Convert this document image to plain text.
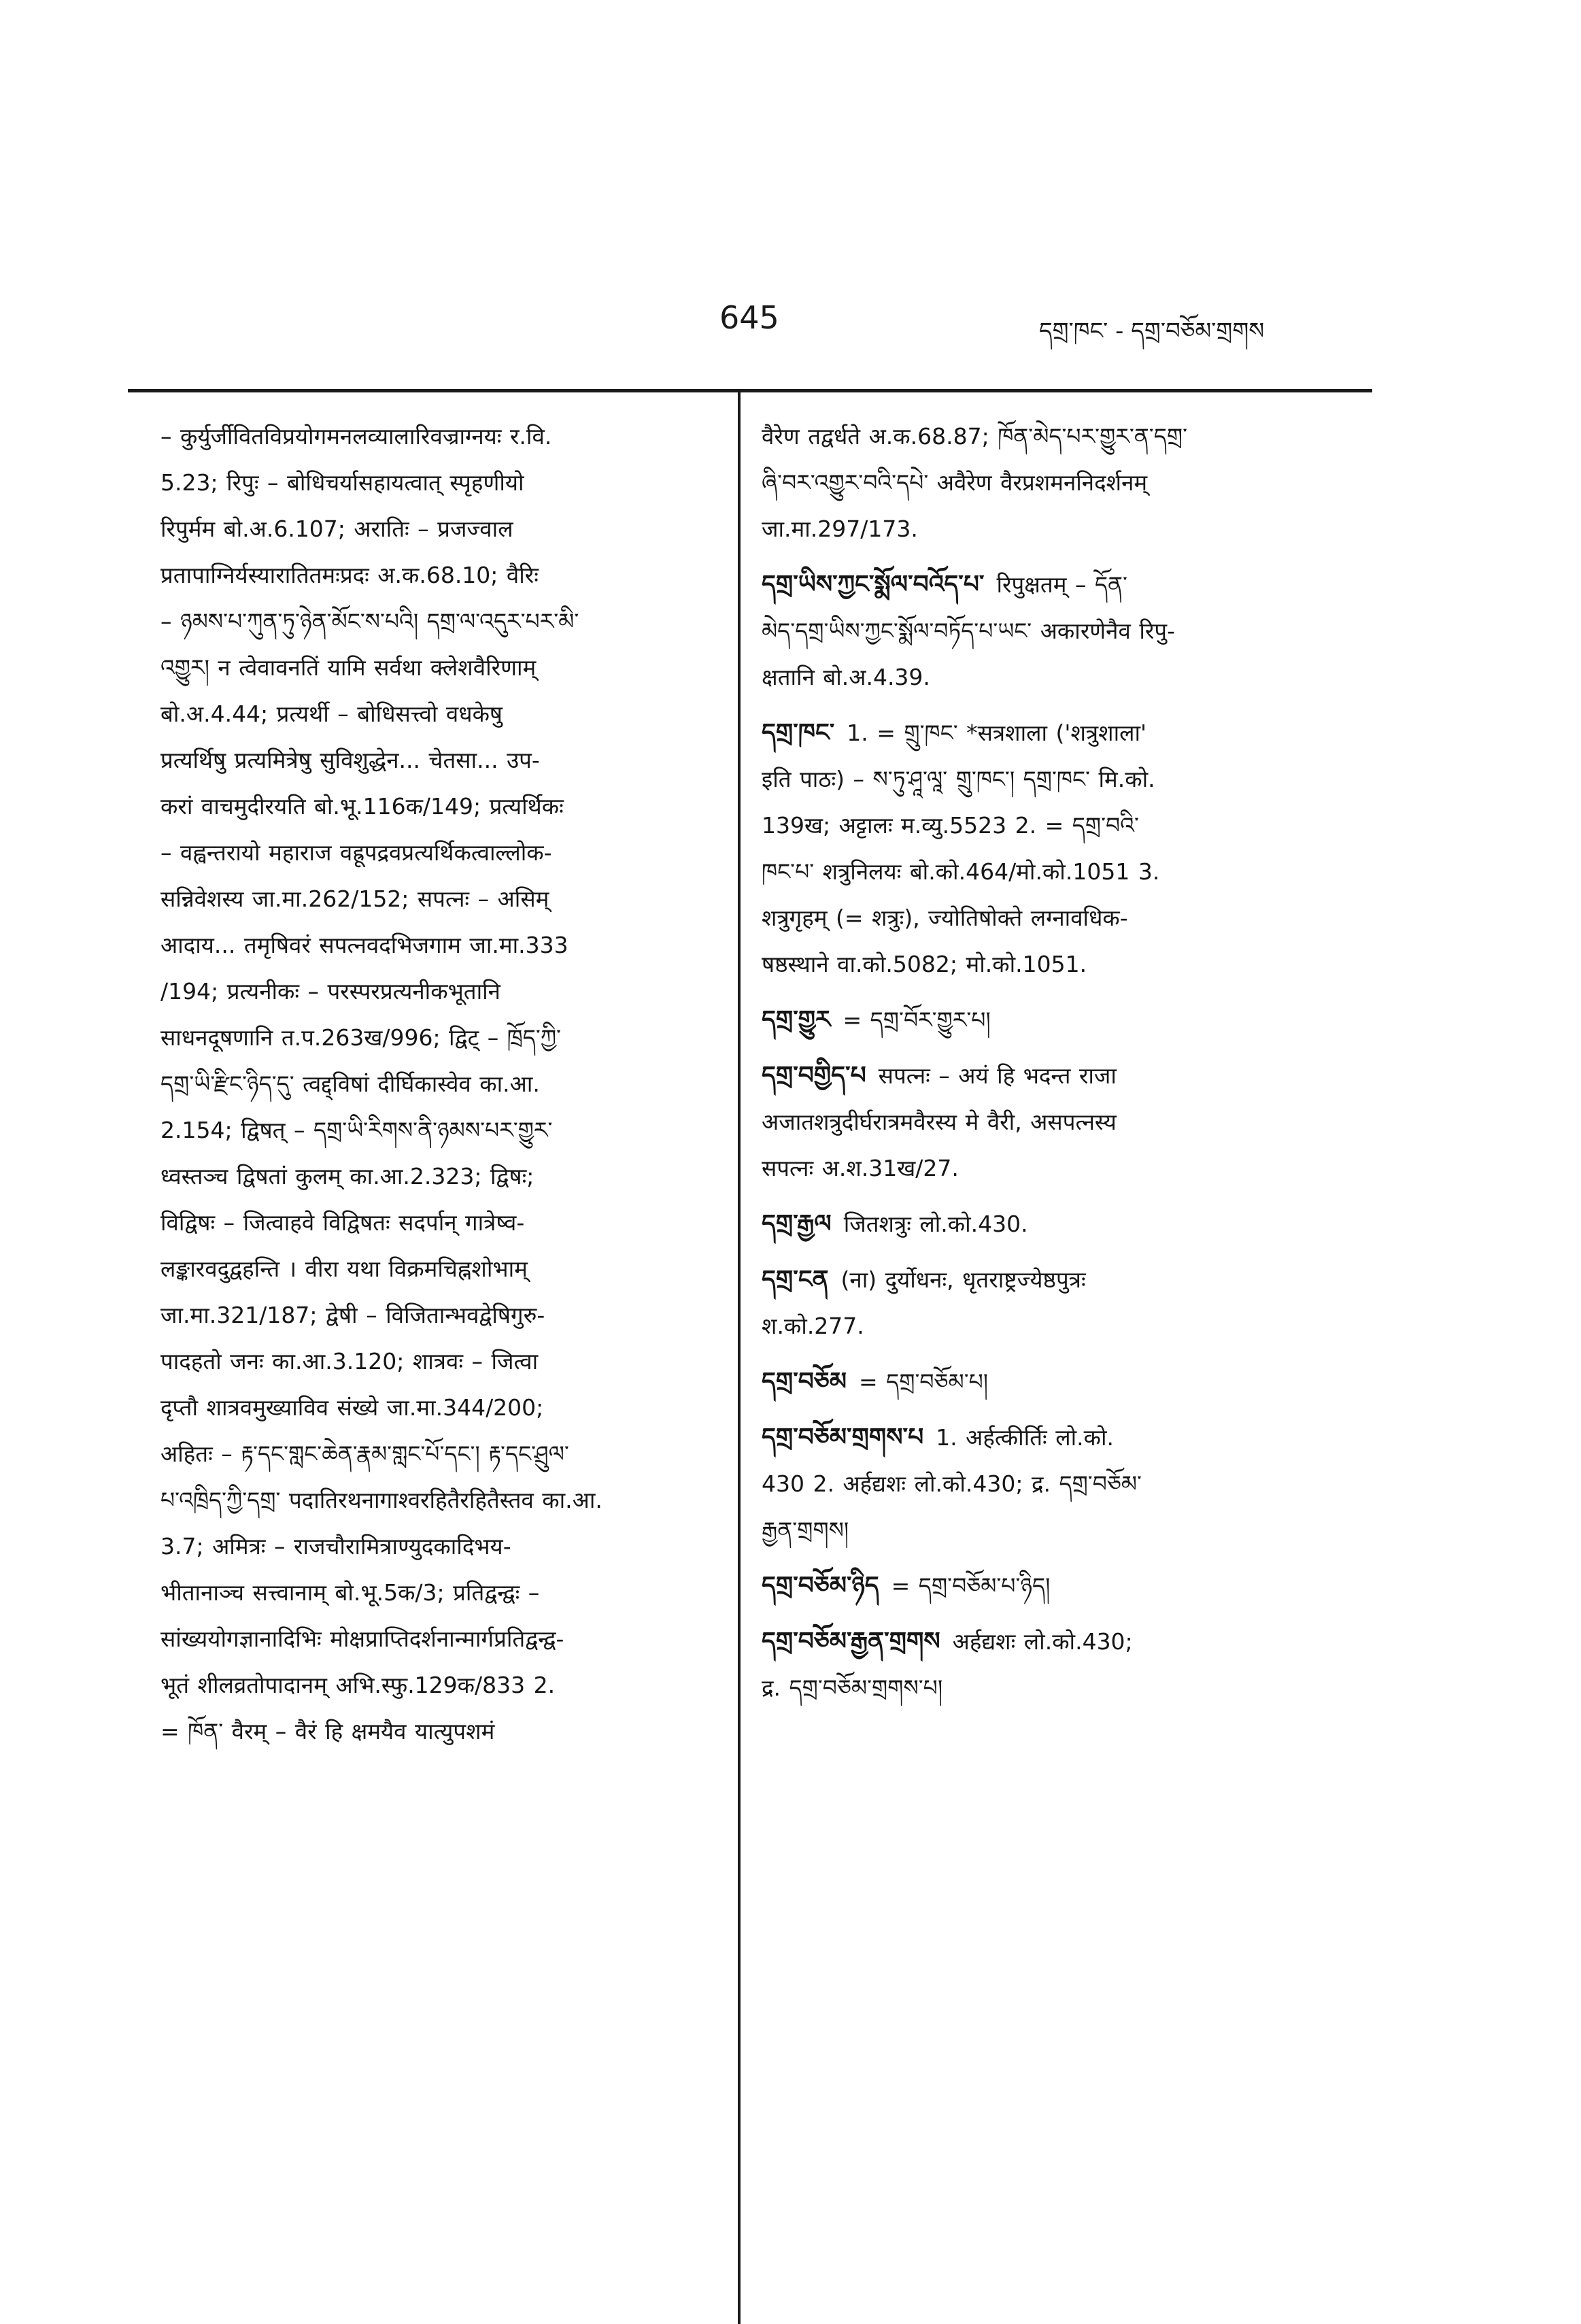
645	དགྲ་ཁང་ - དགྲ་བཅོམ་གྲགས
– कुर्युर्जीवितविप्रयोगमनलव्यालारिवज्राग्नयः र.वि.
5.23; रिपुः – बोधिचर्यासहायत्वात् स्पृहणीयो
रिपुर्मम बो.अ.6.107; अरातिः – प्रजज्वाल
प्रतापाग्निर्यस्यारातितमःप्रदः अ.क.68.10; वैरिः
– ཉམས་པ་ཀུན་ཏུ་ཉེན་མོང་ས་པའི། དགྲ་ལ་འདུར་པར་མི་
འགྱུར། न त्वेवावनतिं यामि सर्वथा क्लेशवैरिणाम्
बो.अ.4.44; प्रत्यर्थी – बोधिसत्त्वो वधकेषु
प्रत्यर्थिषु प्रत्यमित्रेषु सुविशुद्धेन... चेतसा... उप-
करां वाचमुदीरयति बो.भू.116क/149; प्रत्यर्थिकः
– वह्वन्तरायो महाराज वह्रूपद्रवप्रत्यर्थिकत्वाल्लोक-
सन्निवेशस्य जा.मा.262/152; सपत्नः – असिम्
आदाय... तमृषिवरं सपत्नवदभिजगाम जा.मा.333
/194; प्रत्यनीकः – परस्परप्रत्यनीकभूतानि
साधनदूषणानि त.प.263ख/996; द्विट् – ཁྲོད་ཀྱི་
དགྲ་ཡི་རྫིང་ཉིད་དུ་ त्वद्द्विषां दीर्घिकास्वेव का.आ.
2.154; द्विषत् – དགྲ་ཡི་རིགས་ནི་ཉམས་པར་གྱུར་
ध्वस्तञ्च द्विषतां कुलम् का.आ.2.323; द्विषः;
विद्विषः – जित्वाहवे विद्विषतः सदर्पान् गात्रेष्व-
लङ्कारवदुद्वहन्ति । वीरा यथा विक्रमचिह्नशोभाम्
जा.मा.321/187; द्वेषी – विजितान्भवद्वेषिगुरु-
पादहतो जनः का.आ.3.120; शात्रवः – जित्वा
दृप्तौ शात्रवमुख्याविव संख्ये जा.मा.344/200;
अहितः – རྟ་དང་གླང་ཆེན་རྣམ་གླང་པོ་དང་། རྟ་དང་ཤྲུལ་
པ་འཁྲིད་ཀྱི་དགྲ་ पदातिरथनागाश्वरहितैरहितैस्तव का.आ.
3.7; अमित्रः – राजचौरामित्राण्युदकादिभय-
भीतानाञ्च सत्त्वानाम् बो.भू.5क/3; प्रतिद्वन्द्वः –
सांख्ययोगज्ञानादिभिः मोक्षप्राप्तिदर्शनान्मार्गप्रतिद्वन्द्व-
भूतं शीलव्रतोपादानम् अभि.स्फु.129क/833 2.
= ཁོན་ वैरम् – वैरं हि क्षमयैव यात्युपशमं
वैरेण तद्वर्धते अ.क.68.87; ཁོན་མེད་པར་གྱུར་ན་དགྲ་
ཞི་བར་འགྱུར་བའི་དཔེ་ अवैरेण वैरप्रशमननिदर्शनम्
जा.मा.297/173.
དགྲ་ཡིས་ཀྱང་སྨོལ་བའོད་པ་ रिपुक्षतम् – དོན་
མེད་དགྲ་ཡིས་ཀྱང་སྨོལ་བཏོད་པ་ཡང་ अकारणेनैव रिपु-
क्षतानि बो.अ.4.39.
དགྲ་ཁང་ 1. = གྲུ་ཁང་ *सत्रशाला ('शत्रुशाला'
इति पाठः) – ས་ཏུ་ཤཱ་ལཱ་ གྲུ་ཁང་། དགྲ་ཁང་ मि.को.
139ख; अट्टालः म.व्यु.5523 2. = དགྲ་བའི་
ཁང་པ་ शत्रुनिलयः बो.को.464/मो.को.1051 3.
शत्रुगृहम् (= शत्रुः), ज्योतिषोक्ते लग्नावधिक-
षष्ठस्थाने वा.को.5082; मो.को.1051.
དགྲ་གྱུར = དགྲ་བོར་གྱུར་པ།
དགྲ་བགྱིད་པ सपत्नः – अयं हि भदन्त राजा
अजातशत्रुदीर्घरात्रमवैरस्य मे वैरी, असपत्नस्य
सपत्नः अ.श.31ख/27.
དགྲ་རྒྱལ जितशत्रुः लो.को.430.
དགྲ་ངན (ना) दुर्योधनः, धृतराष्ट्रज्येष्ठपुत्रः
श.को.277.
དགྲ་བཅོམ = དགྲ་བཅོམ་པ།
དགྲ་བཅོམ་གྲགས་པ 1. अर्हत्कीर्तिः लो.को.
430 2. अर्हद्यशः लो.को.430; द्र. དགྲ་བཅོམ་
རྒྱན་གྲགས།
དགྲ་བཅོམ་ཉིད = དགྲ་བཅོམ་པ་ཉིད།
དགྲ་བཅོམ་རྒྱན་གྲགས अर्हद्यशः लो.को.430;
द्र. དགྲ་བཅོམ་གྲགས་པ།
